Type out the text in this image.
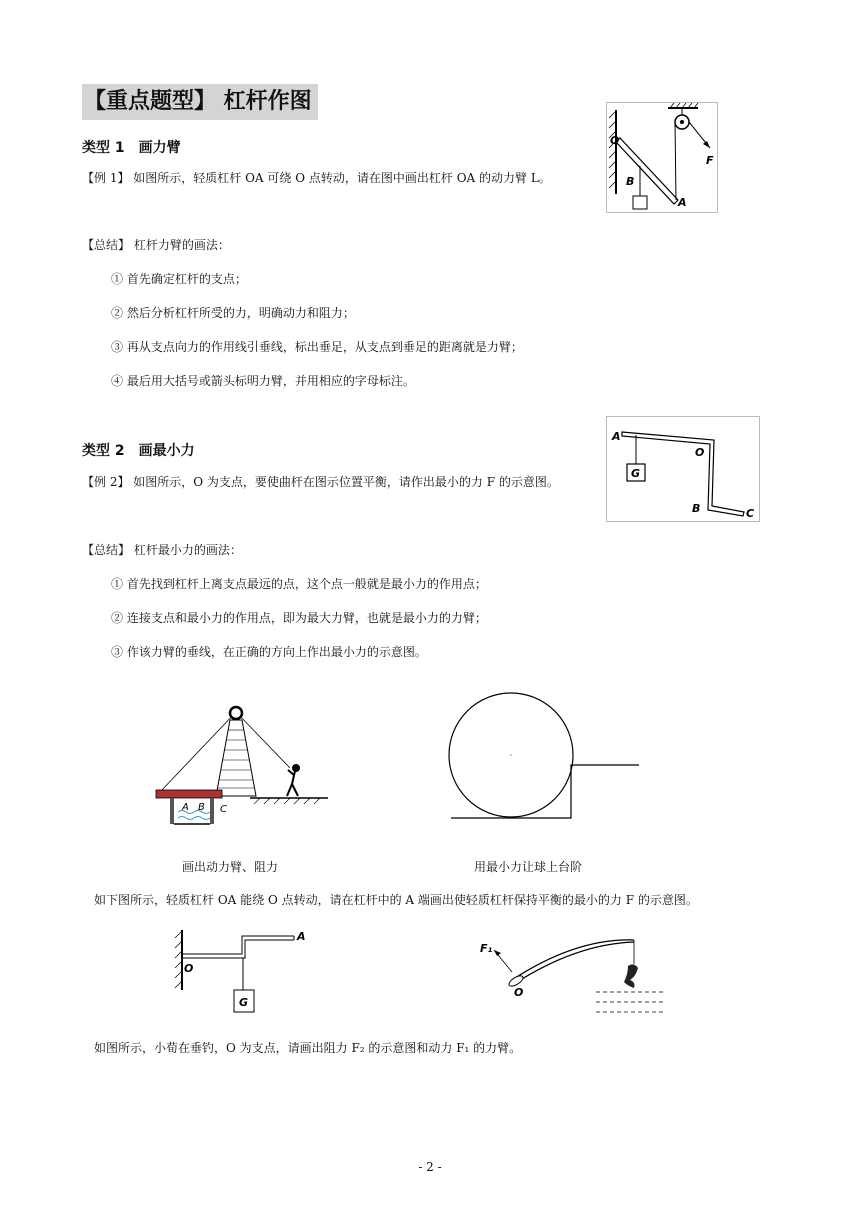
【重点题型】 杠杆作图
类型 1　画力臂
【例 1】 如图所示，轻质杠杆 OA 可绕 O 点转动，请在图中画出杠杆 OA 的动力臂 L。
O
B
A
F
【总结】 杠杆力臂的画法：
① 首先确定杠杆的支点；
② 然后分析杠杆所受的力，明确动力和阻力；
③ 再从支点向力的作用线引垂线，标出垂足，从支点到垂足的距离就是力臂；
④ 最后用大括号或箭头标明力臂，并用相应的字母标注。
类型 2　画最小力
【例 2】 如图所示，O 为支点，要使曲杆在图示位置平衡，请作出最小的力 F 的示意图。
G
A
O
B	C
【总结】 杠杆最小力的画法：
① 首先找到杠杆上离支点最远的点，这个点一般就是最小力的作用点；
② 连接支点和最小力的作用点，即为最大力臂，也就是最小力的力臂；
③ 作该力臂的垂线，在正确的方向上作出最小力的示意图。
A B C
画出动力臂、阻力	用最小力让球上台阶
如下图所示，轻质杠杆 OA 能绕 O 点转动，请在杠杆中的 A 端画出使轻质杠杆保持平衡的最小的力 F 的示意图。
G
O
A
F₁
O
如图所示，小荀在垂钓，O 为支点，请画出阻力 F₂ 的示意图和动力 F₁ 的力臂。
- 2 -
